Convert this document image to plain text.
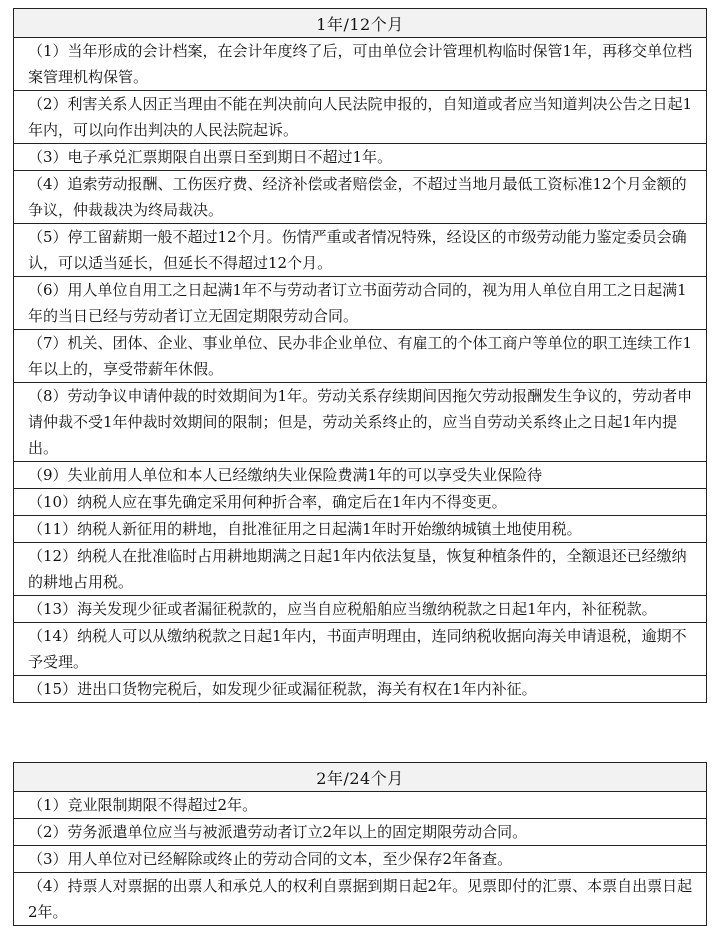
1年/12个月
（1）当年形成的会计档案，在会计年度终了后，可由单位会计管理机构临时保管1年，再移交单位档案管理机构保管。
（2）利害关系人因正当理由不能在判决前向人民法院申报的，自知道或者应当知道判决公告之日起1年内，可以向作出判决的人民法院起诉。
（3）电子承兑汇票期限自出票日至到期日不超过1年。
（4）追索劳动报酬、工伤医疗费、经济补偿或者赔偿金，不超过当地月最低工资标准12个月金额的争议，仲裁裁决为终局裁决。
（5）停工留薪期一般不超过12个月。伤情严重或者情况特殊，经设区的市级劳动能力鉴定委员会确认，可以适当延长，但延长不得超过12个月。
（6）用人单位自用工之日起满1年不与劳动者订立书面劳动合同的，视为用人单位自用工之日起满1年的当日已经与劳动者订立无固定期限劳动合同。
（7）机关、团体、企业、事业单位、民办非企业单位、有雇工的个体工商户等单位的职工连续工作1年以上的，享受带薪年休假。
（8）劳动争议申请仲裁的时效期间为1年。劳动关系存续期间因拖欠劳动报酬发生争议的，劳动者申请仲裁不受1年仲裁时效期间的限制；但是，劳动关系终止的，应当自劳动关系终止之日起1年内提出。
（9）失业前用人单位和本人已经缴纳失业保险费满1年的可以享受失业保险待
（10）纳税人应在事先确定采用何种折合率，确定后在1年内不得变更。
（11）纳税人新征用的耕地，自批准征用之日起满1年时开始缴纳城镇土地使用税。
（12）纳税人在批准临时占用耕地期满之日起1年内依法复垦，恢复种植条件的，全额退还已经缴纳的耕地占用税。
（13）海关发现少征或者漏征税款的，应当自应税船舶应当缴纳税款之日起1年内，补征税款。
（14）纳税人可以从缴纳税款之日起1年内，书面声明理由，连同纳税收据向海关申请退税，逾期不予受理。
（15）进出口货物完税后，如发现少征或漏征税款，海关有权在1年内补征。
2年/24个月
（1）竞业限制期限不得超过2年。
（2）劳务派遣单位应当与被派遣劳动者订立2年以上的固定期限劳动合同。
（3）用人单位对已经解除或终止的劳动合同的文本，至少保存2年备查。
（4）持票人对票据的出票人和承兑人的权利自票据到期日起2年。见票即付的汇票、本票自出票日起2年。
